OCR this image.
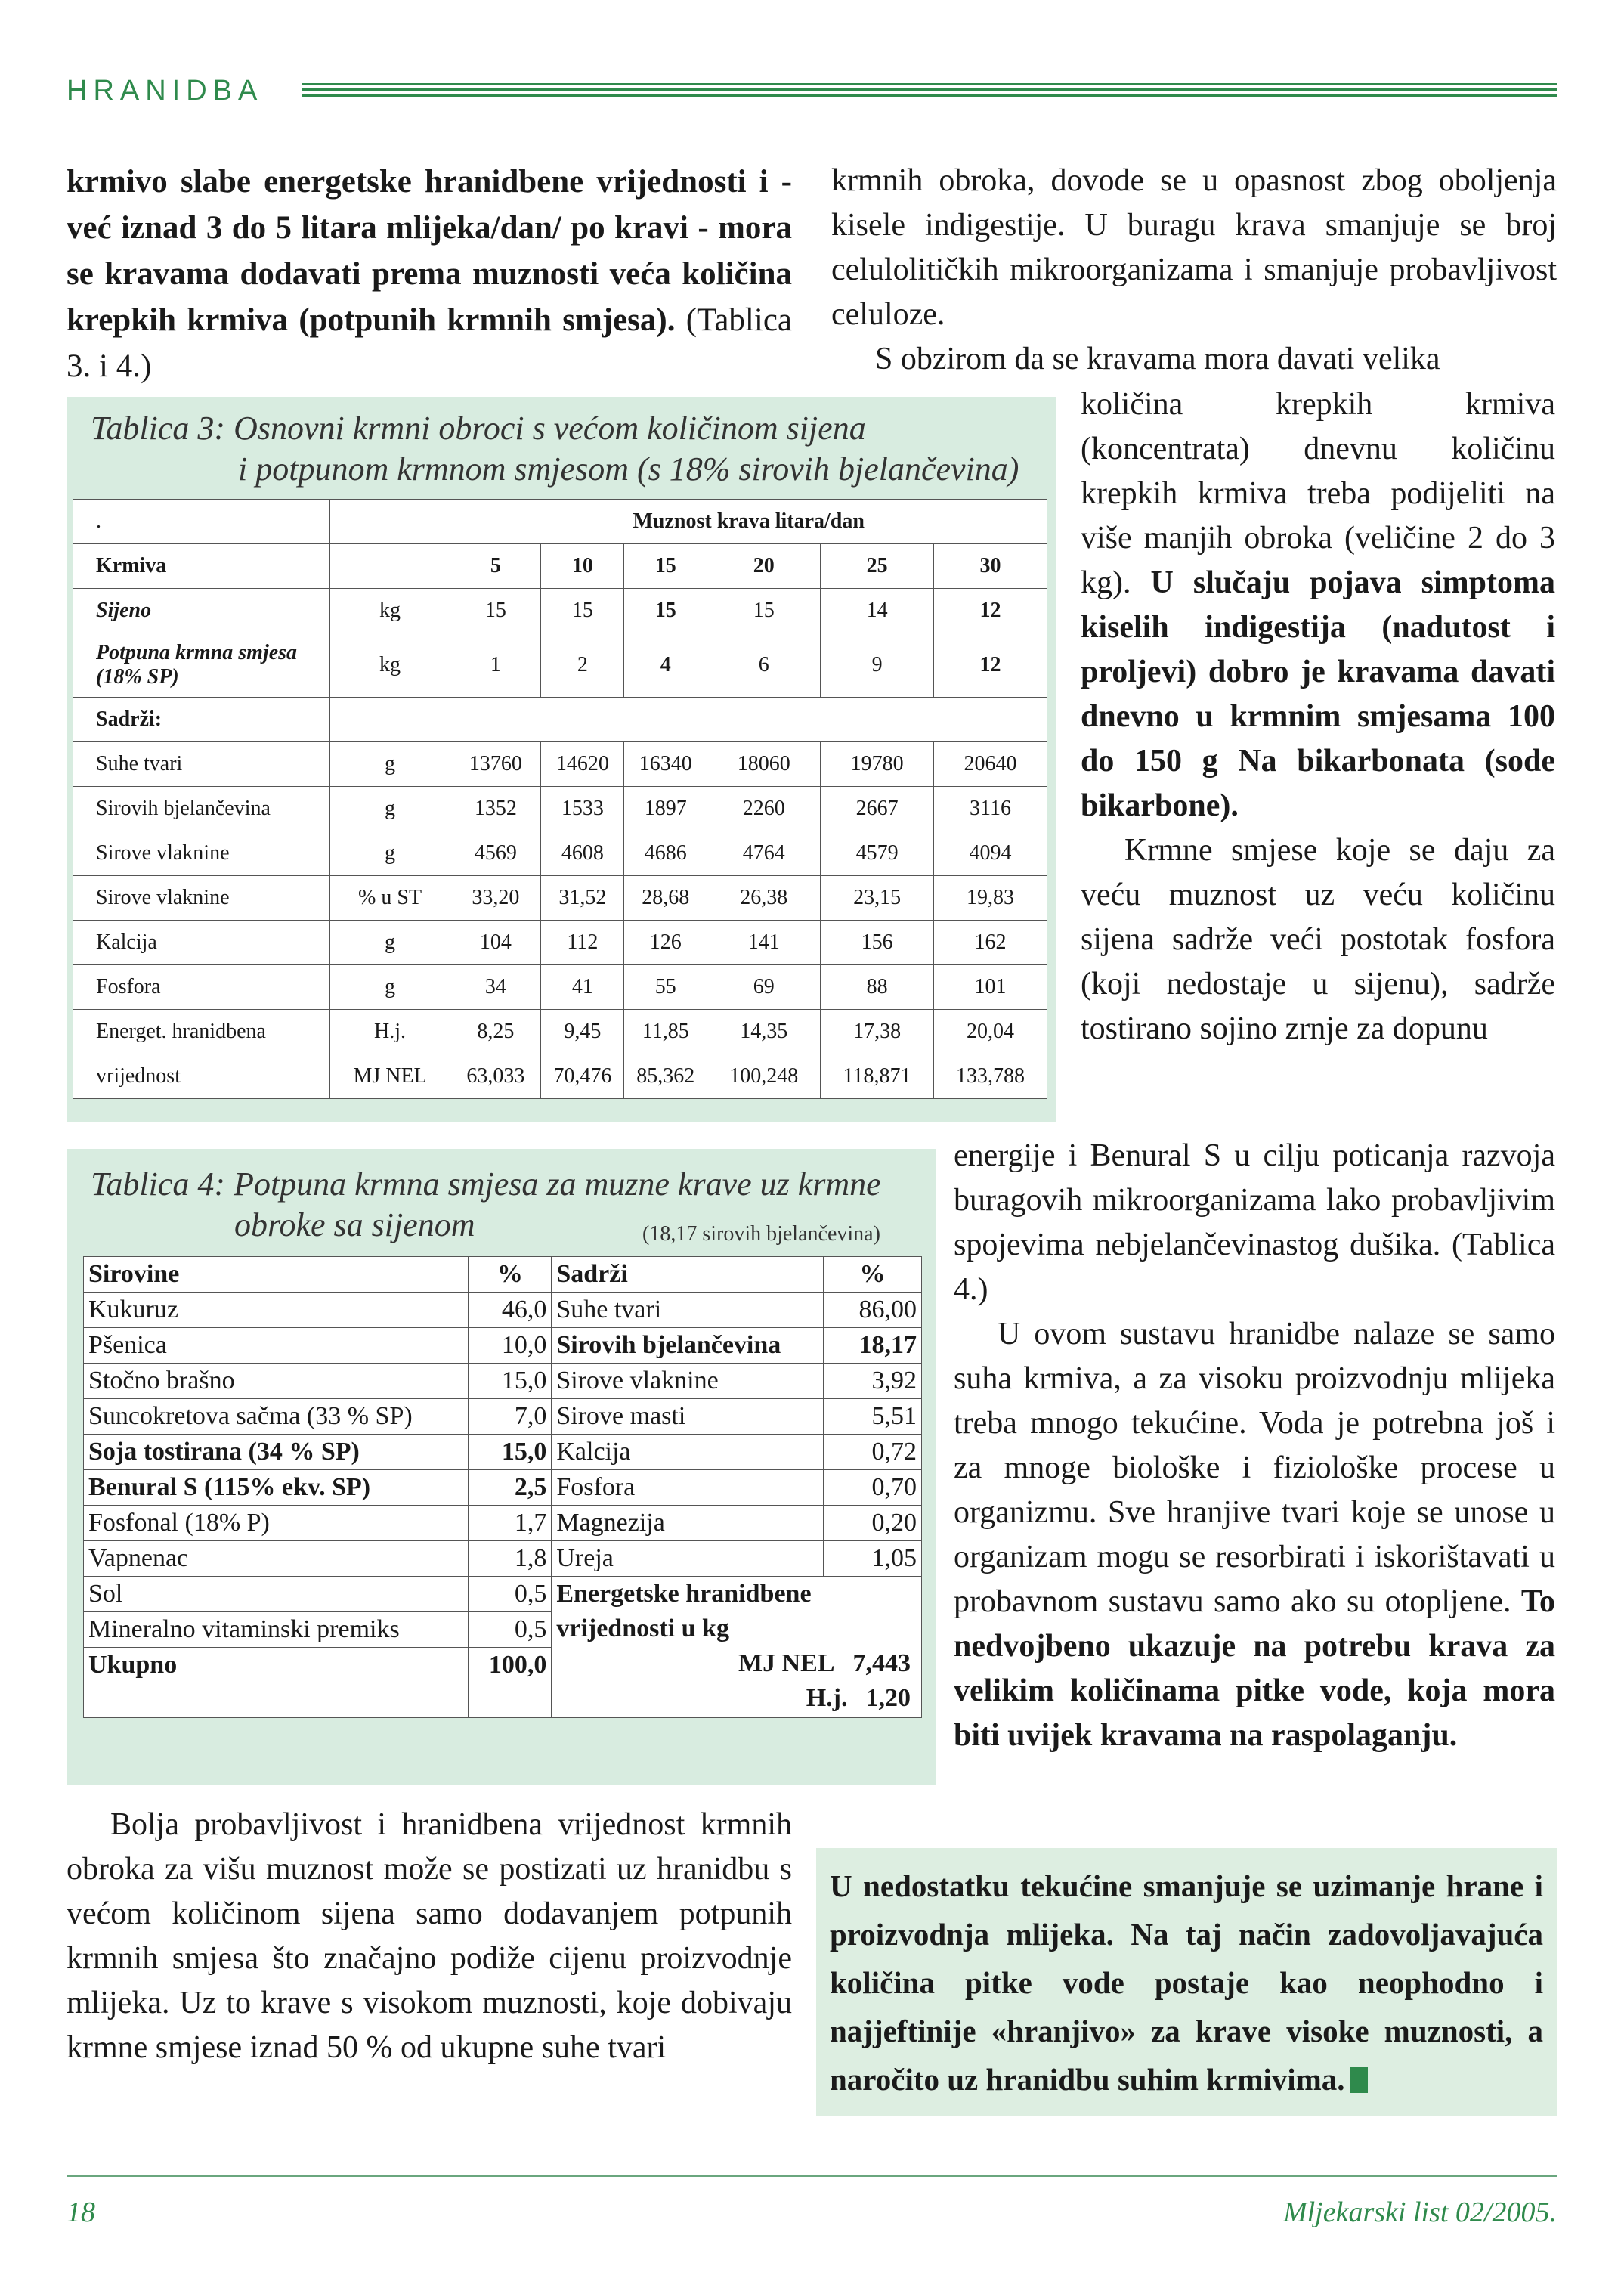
HRANIDBA

krmivo slabe energetske hranidbene vrijednosti i - već iznad 3 do 5 litara mlijeka/dan/ po kravi - mora se kravama dodavati prema muznosti veća količina krepkih krmiva (potpunih krmnih smjesa). (Tablica 3. i 4.)

krmnih obroka, dovode se u opasnost zbog oboljenja kisele indigestije. U buragu krava smanjuje se broj celulolitičkih mikroorganizama i smanjuje probavljivost celuloze.

S obzirom da se kravama mora davati velika

količina krepkih krmiva (koncentrata) dnevnu količinu krepkih krmiva treba podijeliti na više manjih obroka (veličine 2 do 3 kg). U slučaju pojava simptoma kiselih indigestija (nadutost i proljevi) dobro je kravama davati dnevno u krmnim smjesama 100 do 150 g Na bikarbonata (sode bikarbone).

Krmne smjese koje se daju za veću muznost uz veću količinu sijena sadrže veći postotak fosfora (koji nedostaje u sijenu), sadrže tostirano sojino zrnje za dopunu

energije i Benural S u cilju poticanja razvoja buragovih mikroorganizama lako probavljivim spojevima nebjelančevinastog dušika. (Tablica 4.)

U ovom sustavu hranidbe nalaze se samo suha krmiva, a za visoku proizvodnju mlijeka treba mnogo tekućine. Voda je potrebna još i za mnoge biološke i fiziološke procese u organizmu. Sve hranjive tvari koje se unose u organizam mogu se resorbirati i iskorištavati u probavnom sustavu samo ako su otopljene. To nedvojbeno ukazuje na potrebu krava za velikim količinama pitke vode, koja mora biti uvijek kravama na raspolaganju.

U nedostatku tekućine smanjuje se uzimanje hrane i proizvodnja mlijeka. Na taj način zadovoljavajuća količina pitke vode postaje kao neophodno i najjeftinije «hranjivo» za krave visoke muznosti, a naročito uz hranidbu suhim krmivima.

Bolja probavljivost i hranidbena vrijednost krmnih obroka za višu muznost može se postizati uz hranidbu s većom količinom sijena samo dodavanjem potpunih krmnih smjesa što značajno podiže cijenu proizvodnje mlijeka. Uz to krave s visokom muznosti, koje dobivaju krmne smjese iznad 50 % od ukupne suhe tvari

Tablica 3: Osnovni krmni obroci s većom količinom sijena
i potpunom krmnom smjesom (s 18% sirovih bjelančevina)
.		Muznost krava litara/dan					
Krmiva		5	10	15	20	25	30
Sijeno	kg	15	15	15	15	14	12
Potpuna krmna smjesa (18% SP)	kg	1	2	4	6	9	12
Sadrži:							
Suhe tvari	g	13760	14620	16340	18060	19780	20640
Sirovih bjelančevina	g	1352	1533	1897	2260	2667	3116
Sirove vlaknine	g	4569	4608	4686	4764	4579	4094
Sirove vlaknine	% u ST	33,20	31,52	28,68	26,38	23,15	19,83
Kalcija	g	104	112	126	141	156	162
Fosfora	g	34	41	55	69	88	101
Energet. hranidbena	H.j.	8,25	9,45	11,85	14,35	17,38	20,04
vrijednost	MJ NEL	63,033	70,476	85,362	100,248	118,871	133,788
Tablica 4: Potpuna krmna smjesa za muzne krave uz krmne
obroke sa sijenom	(18,17 sirovih bjelančevina)
Sirovine	%	Sadrži	%
Kukuruz	46,0	Suhe tvari	86,00
Pšenica	10,0	Sirovih bjelančevina	18,17
Stočno brašno	15,0	Sirove vlaknine	3,92
Suncokretova sačma (33 % SP)	7,0	Sirove masti	5,51
Soja tostirana (34 % SP)	15,0	Kalcija	0,72
Benural S (115% ekv. SP)	2,5	Fosfora	0,70
Fosfonal (18% P)	1,7	Magnezija	0,20
Vapnenac	1,8	Ureja	1,05
Sol	0,5	Energetske hranidbene vrijednosti u kg
MJ NEL 7,443
H.j. 1,20	

Mineralno vitaminski premiks	0,5		
Ukupno	100,0		

18	Mljekarski list 02/2005.
